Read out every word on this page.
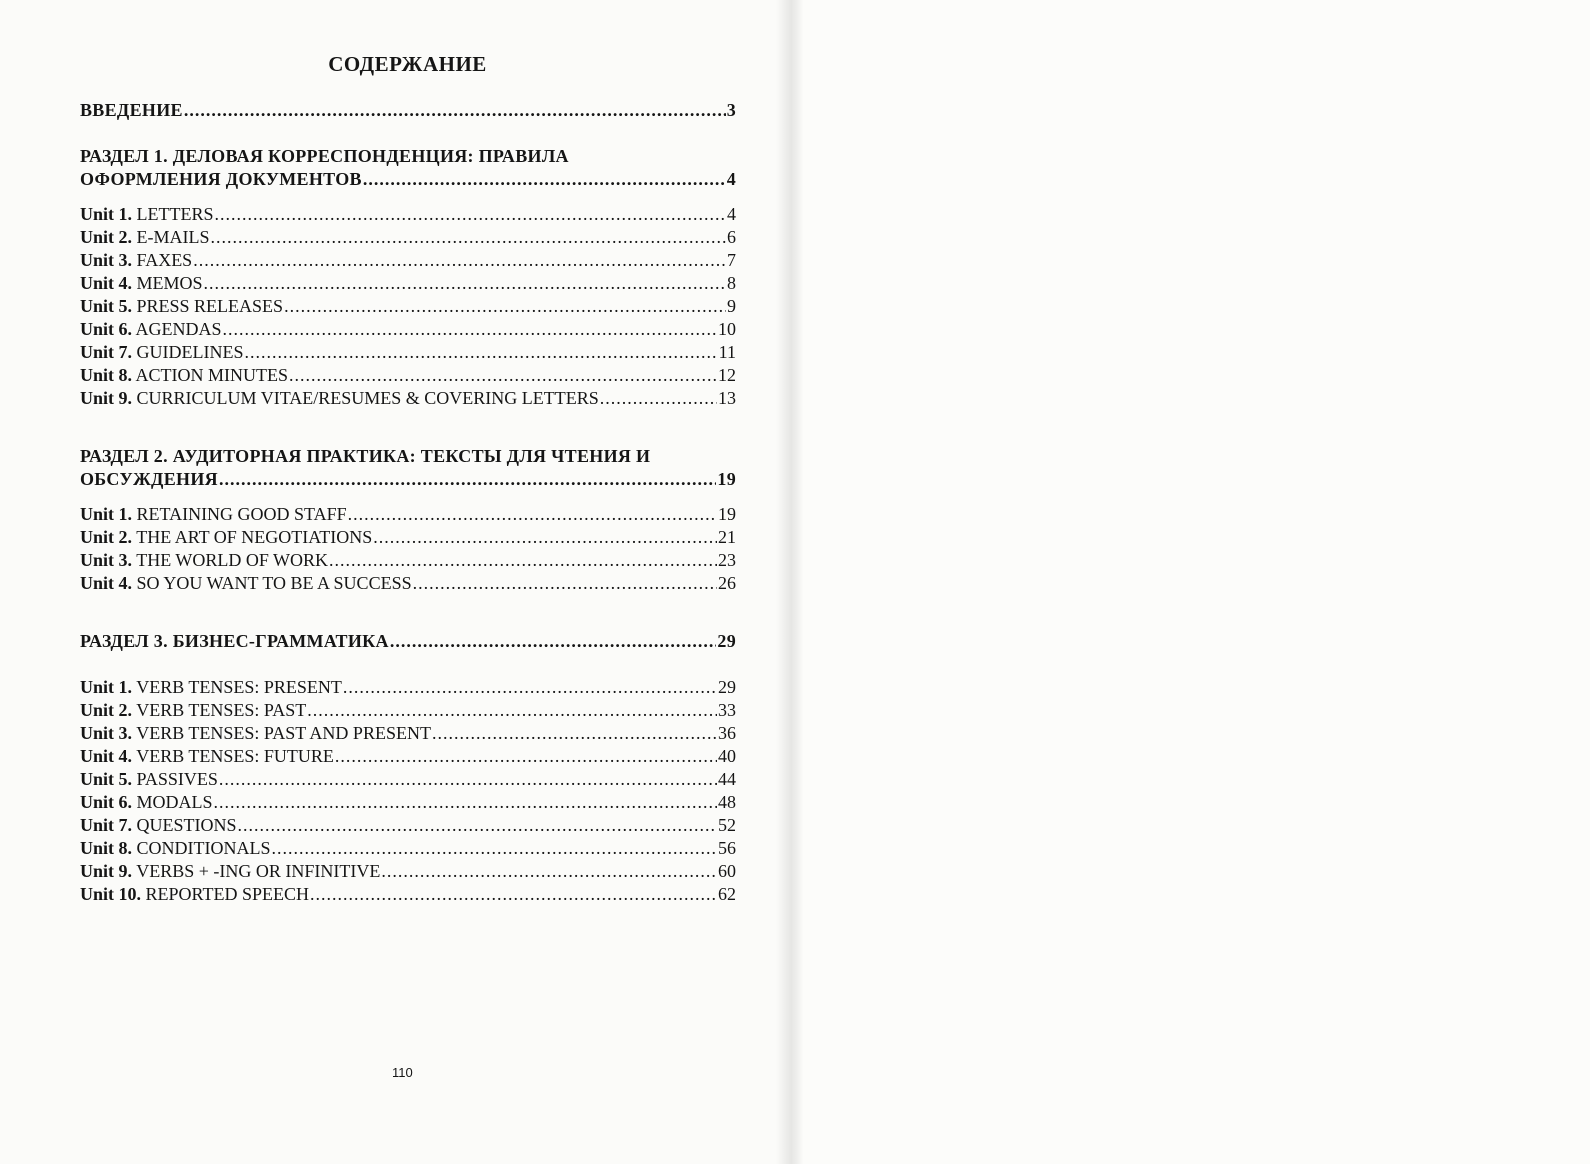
СОДЕРЖАНИЕ
ВВЕДЕНИЕ .....	3
РАЗДЕЛ 1. ДЕЛОВАЯ КОРРЕСПОНДЕНЦИЯ: ПРАВИЛА
ОФОРМЛЕНИЯ ДОКУМЕНТОВ .....	4
Unit 1. LETTERS .....	4
Unit 2. E-MAILS .....	6
Unit 3. FAXES .....	7
Unit 4. MEMOS .....	8
Unit 5. PRESS RELEASES .....	9
Unit 6. AGENDAS .....	10
Unit 7. GUIDELINES .....	11
Unit 8. ACTION MINUTES .....	12
Unit 9. CURRICULUM VITAE/RESUMES & COVERING LETTERS .....	13
РАЗДЕЛ 2. АУДИТОРНАЯ ПРАКТИКА: ТЕКСТЫ ДЛЯ ЧТЕНИЯ И
ОБСУЖДЕНИЯ .....	19
Unit 1. RETAINING GOOD STAFF .....	19
Unit 2. THE ART OF NEGOTIATIONS .....	21
Unit 3. THE WORLD OF WORK .....	23
Unit 4. SO YOU WANT TO BE A SUCCESS .....	26
РАЗДЕЛ 3. БИЗНЕС-ГРАММАТИКА .....	29
Unit 1. VERB TENSES: PRESENT .....	29
Unit 2. VERB TENSES: PAST .....	33
Unit 3. VERB TENSES: PAST AND PRESENT .....	36
Unit 4. VERB TENSES: FUTURE .....	40
Unit 5. PASSIVES .....	44
Unit 6. MODALS .....	48
Unit 7. QUESTIONS .....	52
Unit 8. CONDITIONALS .....	56
Unit 9. VERBS + -ING OR INFINITIVE .....	60
Unit 10. REPORTED SPEECH .....	62
110
